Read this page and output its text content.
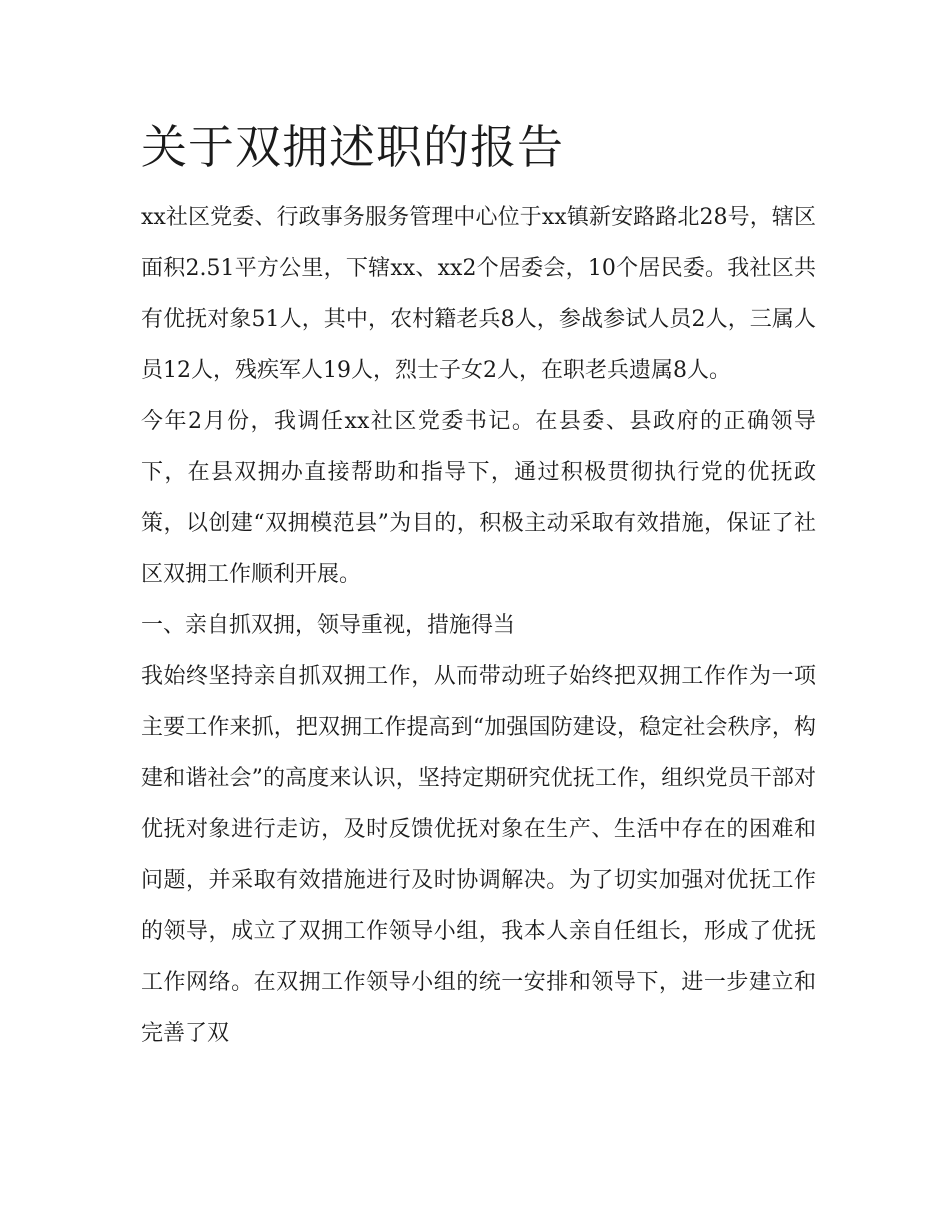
关于双拥述职的报告

xx社区党委、行政事务服务管理中心位于xx镇新安路路北28号，辖区面积2.51平方公里，下辖xx、xx2个居委会，10个居民委。我社区共有优抚对象51人，其中，农村籍老兵8人，参战参试人员2人，三属人员12人，残疾军人19人，烈士子女2人，在职老兵遗属8人。

今年2月份，我调任xx社区党委书记。在县委、县政府的正确领导下，在县双拥办直接帮助和指导下，通过积极贯彻执行党的优抚政策，以创建“双拥模范县”为目的，积极主动采取有效措施，保证了社区双拥工作顺利开展。

一、亲自抓双拥，领导重视，措施得当

我始终坚持亲自抓双拥工作，从而带动班子始终把双拥工作作为一项主要工作来抓，把双拥工作提高到“加强国防建设，稳定社会秩序，构建和谐社会”的高度来认识，坚持定期研究优抚工作，组织党员干部对优抚对象进行走访，及时反馈优抚对象在生产、生活中存在的困难和问题，并采取有效措施进行及时协调解决。为了切实加强对优抚工作的领导，成立了双拥工作领导小组，我本人亲自任组长，形成了优抚工作网络。在双拥工作领导小组的统一安排和领导下，进一步建立和完善了双
